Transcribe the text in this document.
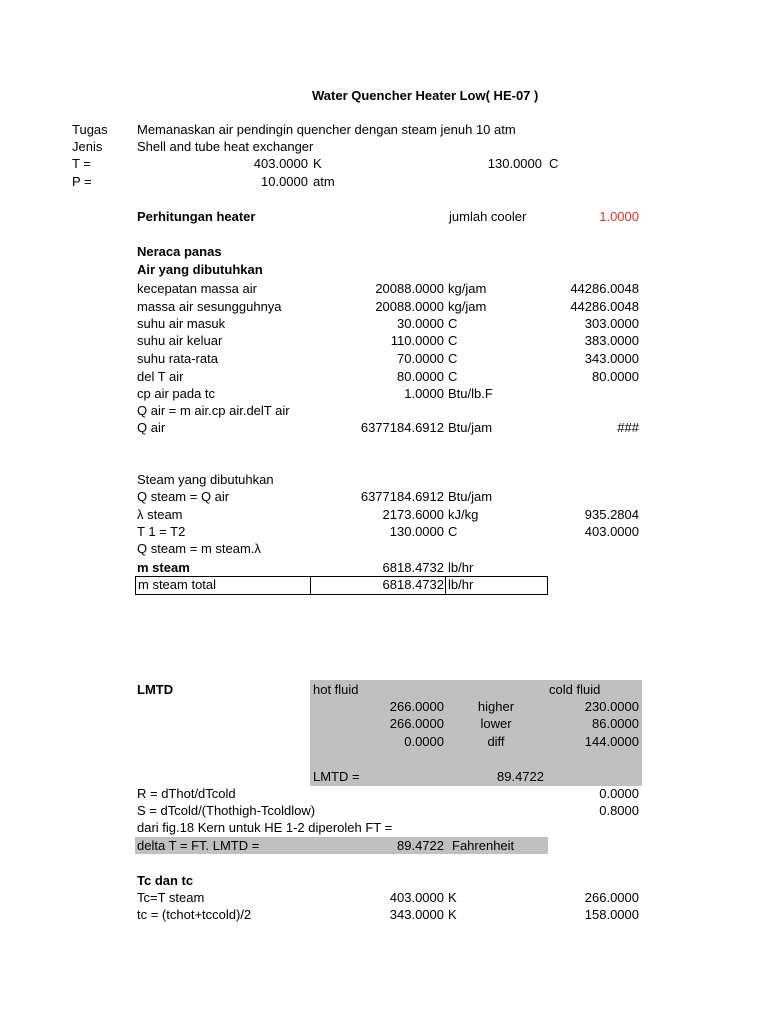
Water Quencher Heater Low( HE-07 )
Tugas Memanaskan air pendingin quencher dengan steam jenuh 10 atm
Jenis	Shell and tube heat exchanger
T =	403.0000 K	130.0000 C
P =	10.0000 atm
Perhitungan heater	jumlah cooler	1.0000
Neraca panas
Air yang dibutuhkan
kecepatan massa air	20088.0000 kg/jam	44286.0048
massa air sesungguhnya	20088.0000 kg/jam	44286.0048
suhu air masuk	30.0000 C	303.0000
suhu air keluar	110.0000 C	383.0000
suhu rata-rata	70.0000 C	343.0000
del T air	80.0000 C	80.0000
cp air pada tc	1.0000 Btu/lb.F
Q air = m air.cp air.delT air
Q air	6377184.6912 Btu/jam	###
Steam yang dibutuhkan
Q steam = Q air	6377184.6912 Btu/jam
λ steam	2173.6000 kJ/kg	935.2804
T 1 = T2	130.0000 C	403.0000
Q steam = m steam.λ
m steam	6818.4732 lb/hr
m steam total	6818.4732 lb/hr
LMTD	hot fluid	cold fluid
266.0000	higher	230.0000
266.0000	lower	86.0000
0.0000	diff	144.0000
LMTD =	89.4722
R = dThot/dTcold	0.0000
S = dTcold/(Thothigh-Tcoldlow)	0.8000
dari fig.18 Kern untuk HE 1-2 diperoleh FT =
delta T = FT. LMTD =	89.4722 Fahrenheit
Tc dan tc
Tc=T steam	403.0000 K	266.0000
tc = (tchot+tccold)/2	343.0000 K	158.0000
